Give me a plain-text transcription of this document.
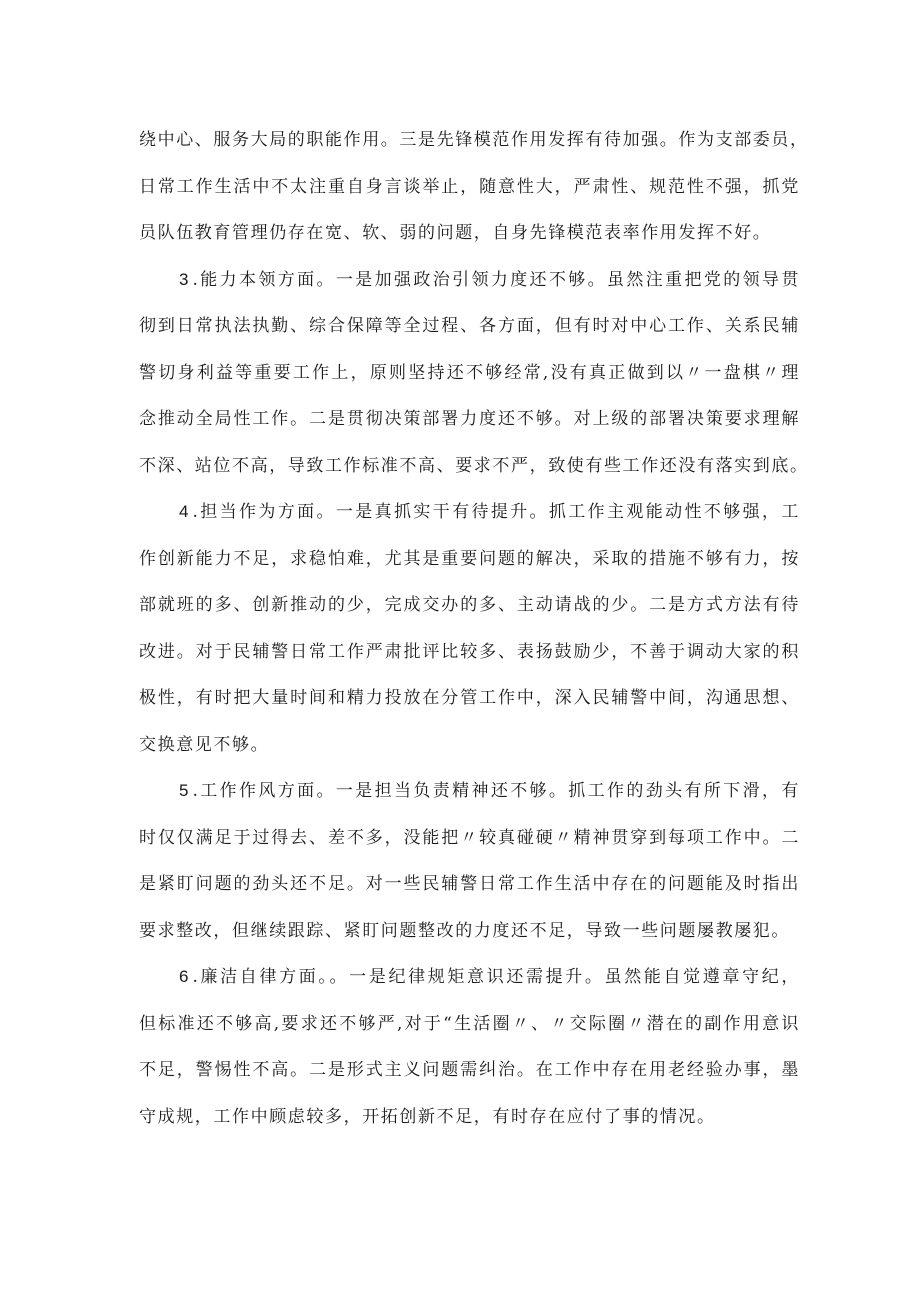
绕中心、服务大局的职能作用。三是先锋模范作用发挥有待加强。作为支部委员，
日常工作生活中不太注重自身言谈举止，随意性大，严肃性、规范性不强，抓党
员队伍教育管理仍存在宽、软、弱的问题，自身先锋模范表率作用发挥不好。
3 .能力本领方面。一是加强政治引领力度还不够。虽然注重把党的领导贯
彻到日常执法执勤、综合保障等全过程、各方面，但有时对中心工作、关系民辅
警切身利益等重要工作上，原则坚持还不够经常,没有真正做到以〃一盘棋〃理
念推动全局性工作。二是贯彻决策部署力度还不够。对上级的部署决策要求理解
不深、站位不高，导致工作标准不高、要求不严，致使有些工作还没有落实到底。
4 .担当作为方面。一是真抓实干有待提升。抓工作主观能动性不够强，工
作创新能力不足，求稳怕难，尤其是重要问题的解决，采取的措施不够有力，按
部就班的多、创新推动的少，完成交办的多、主动请战的少。二是方式方法有待
改进。对于民辅警日常工作严肃批评比较多、表扬鼓励少，不善于调动大家的积
极性，有时把大量时间和精力投放在分管工作中，深入民辅警中间，沟通思想、
交换意见不够。
5 .工作作风方面。一是担当负责精神还不够。抓工作的劲头有所下滑，有
时仅仅满足于过得去、差不多，没能把〃较真碰硬〃精神贯穿到每项工作中。二
是紧盯问题的劲头还不足。对一些民辅警日常工作生活中存在的问题能及时指出
要求整改，但继续跟踪、紧盯问题整改的力度还不足，导致一些问题屡教屡犯。
6 .廉洁自律方面。。一是纪律规矩意识还需提升。虽然能自觉遵章守纪，
但标准还不够高,要求还不够严,对于“生活圈〃、〃交际圈〃潜在的副作用意识
不足，警惕性不高。二是形式主义问题需纠治。在工作中存在用老经验办事，墨
守成规，工作中顾虑较多，开拓创新不足，有时存在应付了事的情况。
